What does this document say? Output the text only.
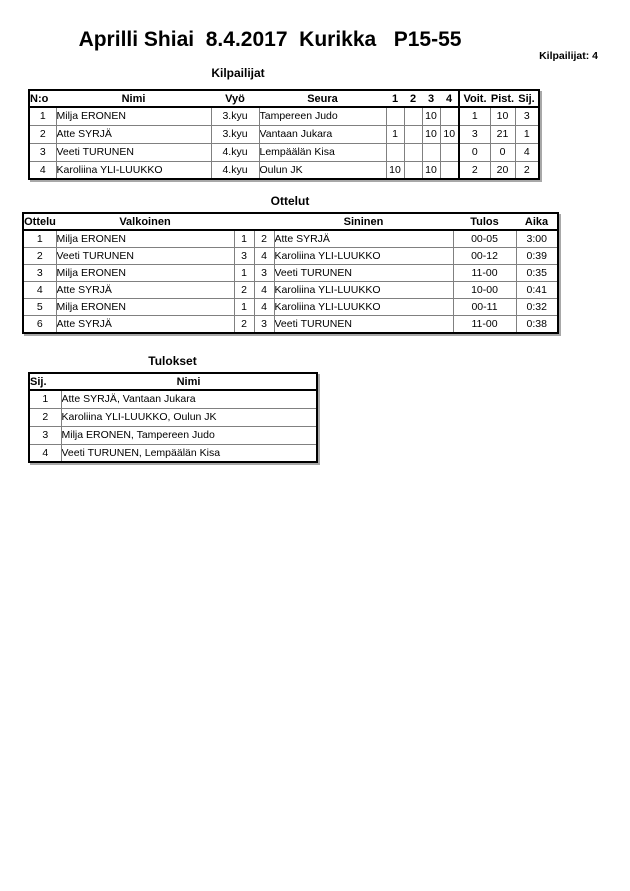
Aprilli Shiai  8.4.2017  Kurikka   P15-55
Kilpailijat: 4
Kilpailijat
N:o	Nimi	Vyö	Seura	1	2	3	4	Voit.	Pist.	Sij.
1	Milja ERONEN	3.kyu	Tampereen Judo			10		1	10	3
2	Atte SYRJÄ	3.kyu	Vantaan Jukara	1		10	10	3	21	1
3	Veeti TURUNEN	4.kyu	Lempäälän Kisa					0	0	4
4	Karoliina YLI-LUUKKO	4.kyu	Oulun JK	10		10		2	20	2
Ottelut
Ottelu	Valkoinen			Sininen	Tulos	Aika
1	Milja ERONEN	1	2	Atte SYRJÄ	00-05	3:00
2	Veeti TURUNEN	3	4	Karoliina YLI-LUUKKO	00-12	0:39
3	Milja ERONEN	1	3	Veeti TURUNEN	11-00	0:35
4	Atte SYRJÄ	2	4	Karoliina YLI-LUUKKO	10-00	0:41
5	Milja ERONEN	1	4	Karoliina YLI-LUUKKO	00-11	0:32
6	Atte SYRJÄ	2	3	Veeti TURUNEN	11-00	0:38
Tulokset
Sij.	Nimi
1	Atte SYRJÄ, Vantaan Jukara
2	Karoliina YLI-LUUKKO, Oulun JK
3	Milja ERONEN, Tampereen Judo
4	Veeti TURUNEN, Lempäälän Kisa
